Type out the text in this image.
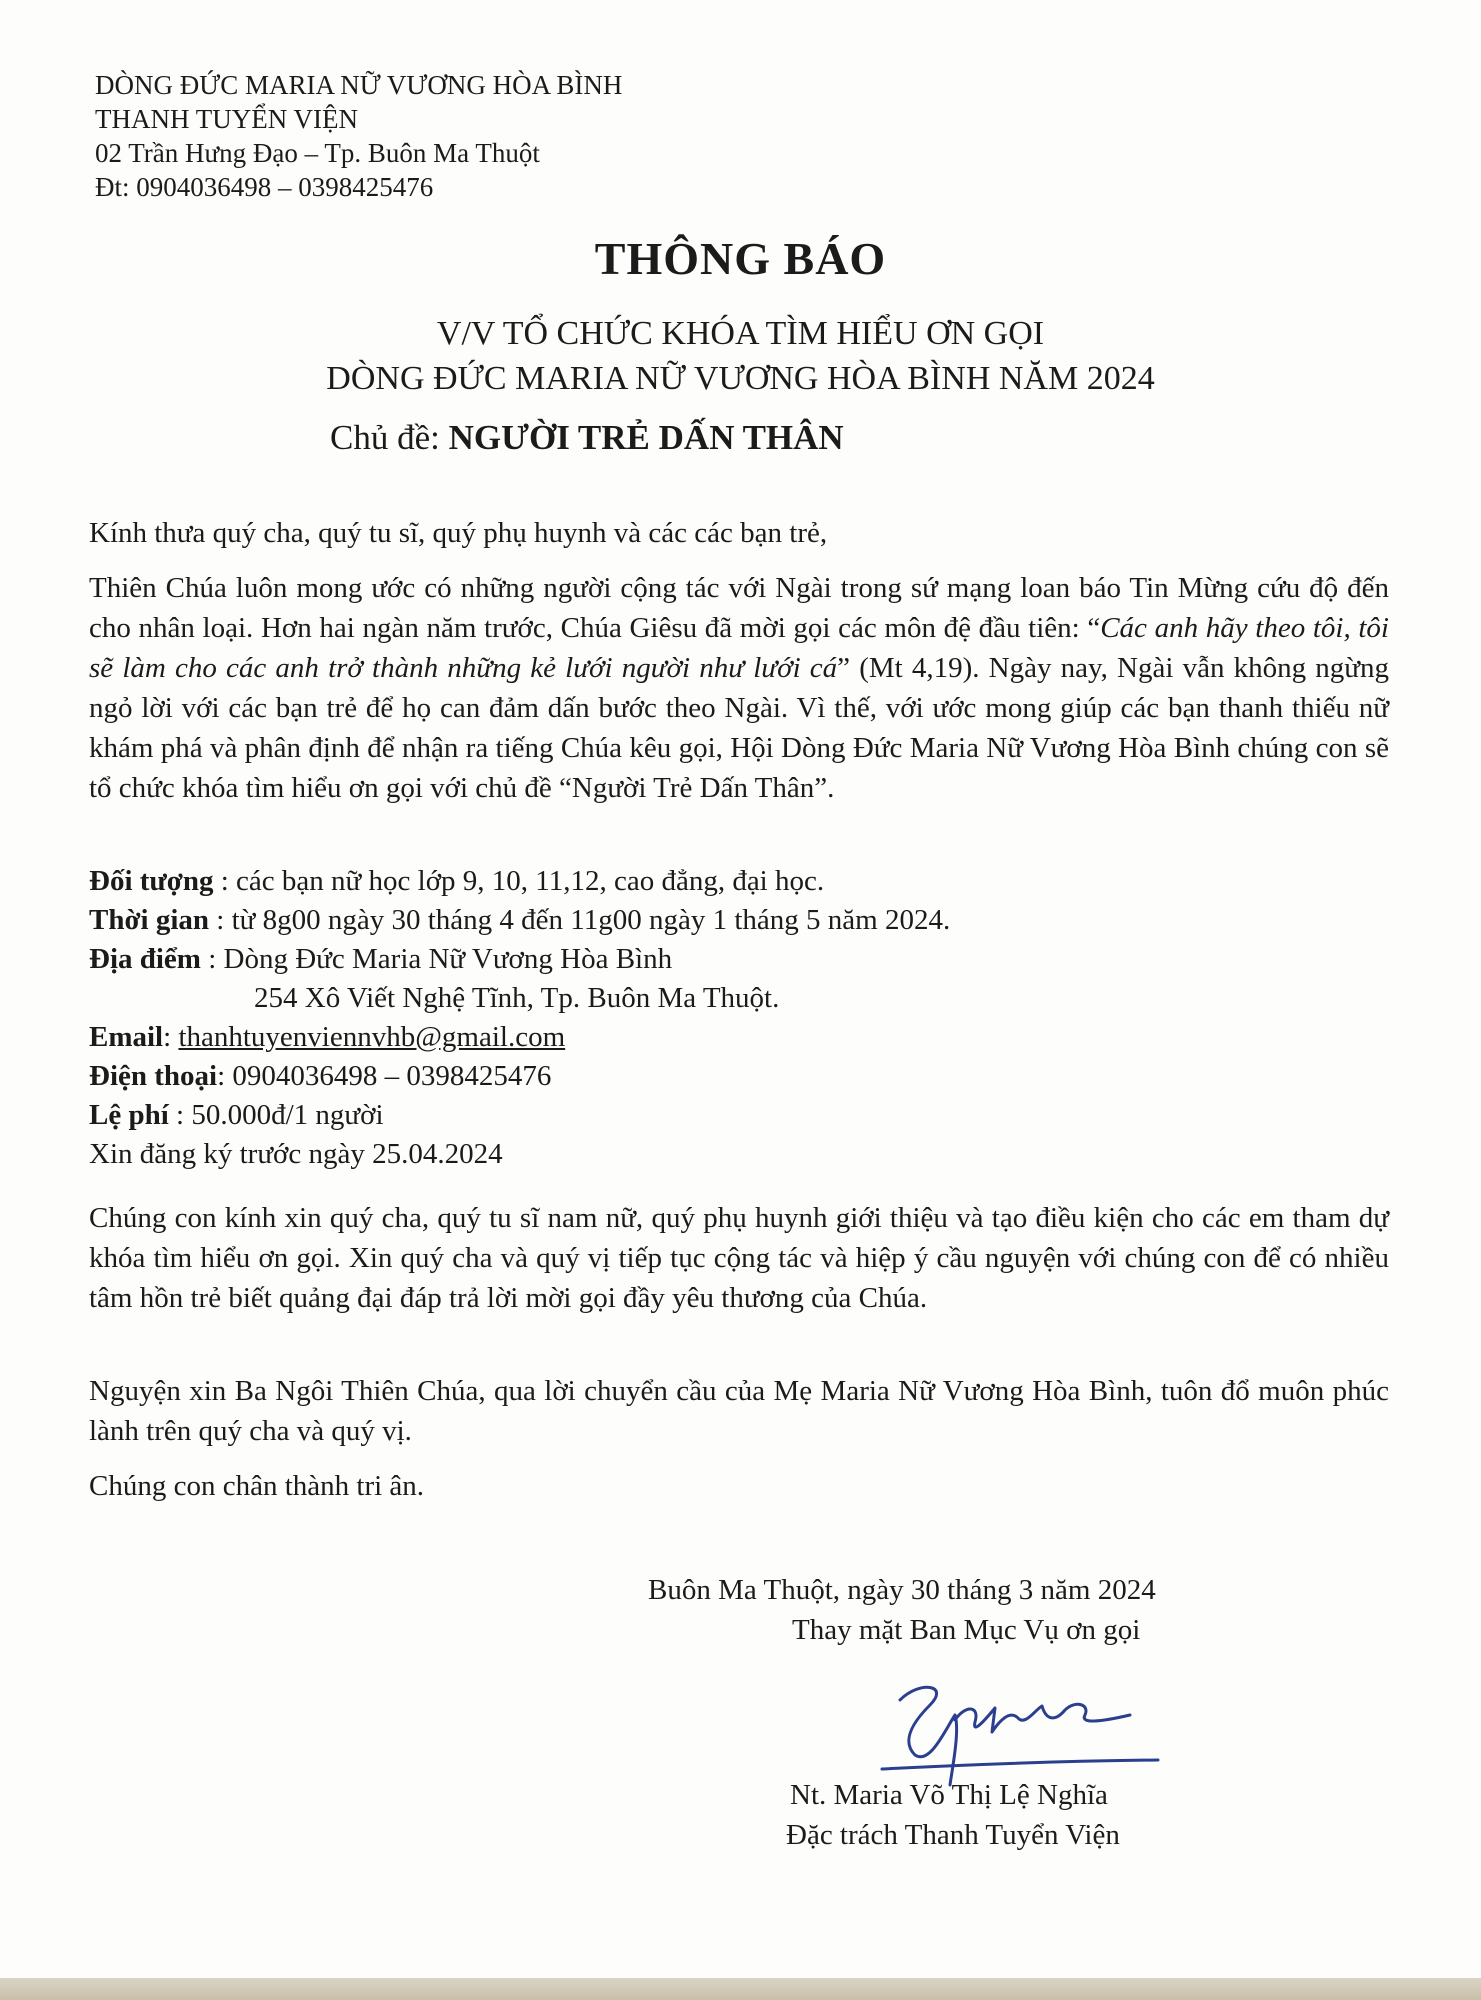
DÒNG ĐỨC MARIA NỮ VƯƠNG HÒA BÌNH
THANH TUYỂN VIỆN
02 Trần Hưng Đạo – Tp. Buôn Ma Thuột
Đt: 0904036498 – 0398425476
THÔNG BÁO
V/V TỔ CHỨC KHÓA TÌM HIỂU ƠN GỌI
DÒNG ĐỨC MARIA NỮ VƯƠNG HÒA BÌNH NĂM 2024
Chủ đề: NGƯỜI TRẺ DẤN THÂN
Kính thưa quý cha, quý tu sĩ, quý phụ huynh và các các bạn trẻ,
Thiên Chúa luôn mong ước có những người cộng tác với Ngài trong sứ mạng loan báo Tin Mừng cứu độ đến cho nhân loại. Hơn hai ngàn năm trước, Chúa Giêsu đã mời gọi các môn đệ đầu tiên: “Các anh hãy theo tôi, tôi sẽ làm cho các anh trở thành những kẻ lưới người như lưới cá” (Mt 4,19). Ngày nay, Ngài vẫn không ngừng ngỏ lời với các bạn trẻ để họ can đảm dấn bước theo Ngài. Vì thế, với ước mong giúp các bạn thanh thiếu nữ khám phá và phân định để nhận ra tiếng Chúa kêu gọi, Hội Dòng Đức Maria Nữ Vương Hòa Bình chúng con sẽ tổ chức khóa tìm hiểu ơn gọi với chủ đề “Người Trẻ Dấn Thân”.
Đối tượng : các bạn nữ học lớp 9, 10, 11,12, cao đẳng, đại học.
Thời gian : từ 8g00 ngày 30 tháng 4 đến 11g00 ngày 1 tháng 5 năm 2024.
Địa điểm : Dòng Đức Maria Nữ Vương Hòa Bình
254 Xô Viết Nghệ Tĩnh, Tp. Buôn Ma Thuột.
Email: thanhtuyenviennvhb@gmail.com
Điện thoại: 0904036498 – 0398425476
Lệ phí : 50.000đ/1 người
Xin đăng ký trước ngày 25.04.2024
Chúng con kính xin quý cha, quý tu sĩ nam nữ, quý phụ huynh giới thiệu và tạo điều kiện cho các em tham dự khóa tìm hiểu ơn gọi. Xin quý cha và quý vị tiếp tục cộng tác và hiệp ý cầu nguyện với chúng con để có nhiều tâm hồn trẻ biết quảng đại đáp trả lời mời gọi đầy yêu thương của Chúa.
Nguyện xin Ba Ngôi Thiên Chúa, qua lời chuyển cầu của Mẹ Maria Nữ Vương Hòa Bình, tuôn đổ muôn phúc lành trên quý cha và quý vị.
Chúng con chân thành tri ân.
Buôn Ma Thuột, ngày 30 tháng 3 năm 2024
Thay mặt Ban Mục Vụ ơn gọi
Nt. Maria Võ Thị Lệ Nghĩa
Đặc trách Thanh Tuyển Viện
